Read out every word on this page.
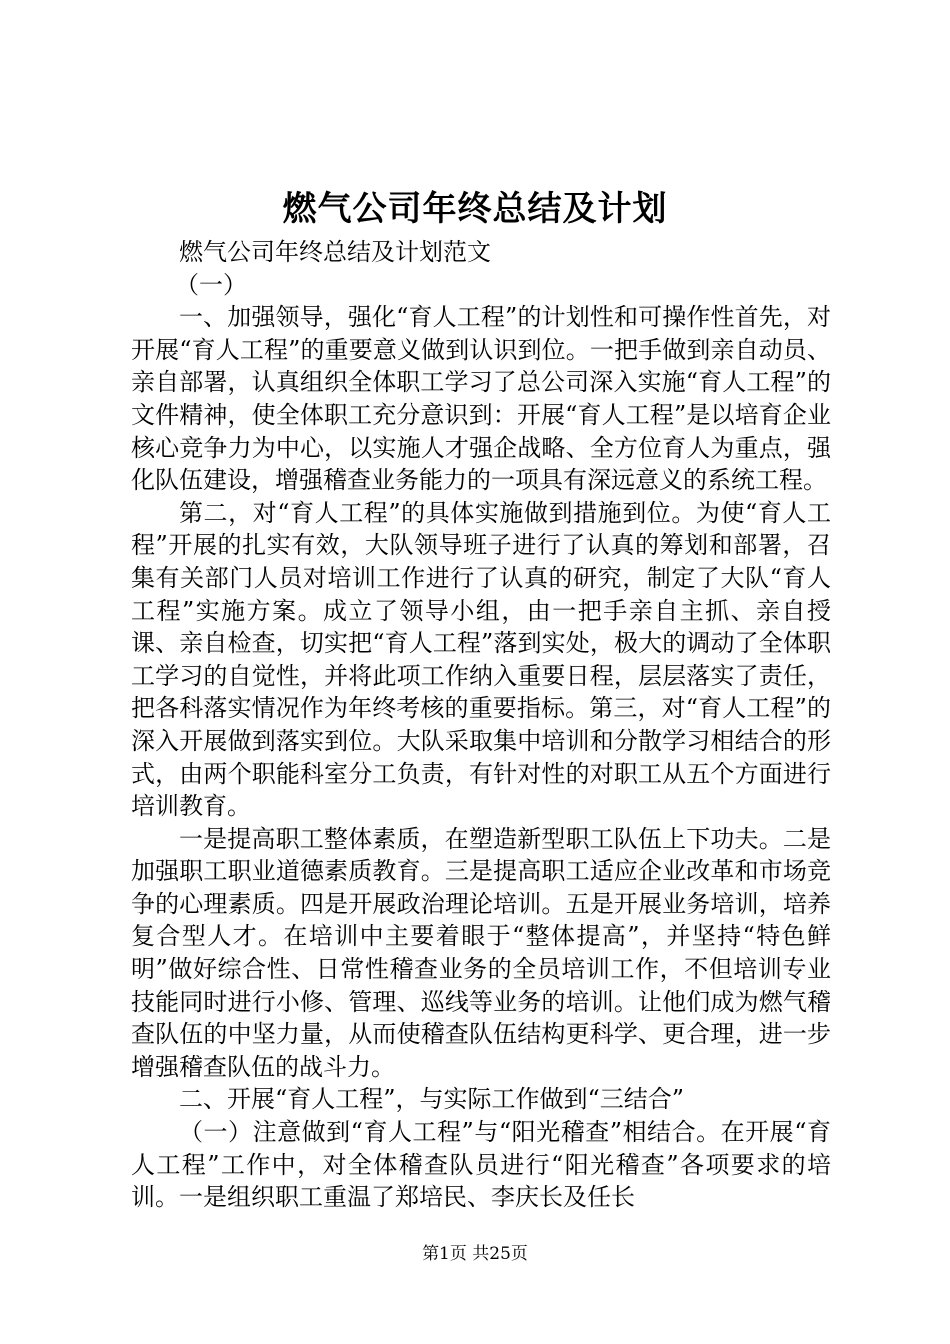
燃气公司年终总结及计划

燃气公司年终总结及计划范文

（一）

一、加强领导，强化“育人工程”的计划性和可操作性首先，对开展“育人工程”的重要意义做到认识到位。一把手做到亲自动员、亲自部署，认真组织全体职工学习了总公司深入实施“育人工程”的文件精神，使全体职工充分意识到：开展“育人工程”是以培育企业核心竞争力为中心，以实施人才强企战略、全方位育人为重点，强化队伍建设，增强稽查业务能力的一项具有深远意义的系统工程。

第二，对“育人工程”的具体实施做到措施到位。为使“育人工程”开展的扎实有效，大队领导班子进行了认真的筹划和部署，召集有关部门人员对培训工作进行了认真的研究，制定了大队“育人工程”实施方案。成立了领导小组，由一把手亲自主抓、亲自授课、亲自检查，切实把“育人工程”落到实处，极大的调动了全体职工学习的自觉性，并将此项工作纳入重要日程，层层落实了责任，把各科落实情况作为年终考核的重要指标。第三，对“育人工程”的深入开展做到落实到位。大队采取集中培训和分散学习相结合的形式，由两个职能科室分工负责，有针对性的对职工从五个方面进行培训教育。

一是提高职工整体素质，在塑造新型职工队伍上下功夫。二是加强职工职业道德素质教育。三是提高职工适应企业改革和市场竞争的心理素质。四是开展政治理论培训。五是开展业务培训，培养复合型人才。在培训中主要着眼于“整体提高”，并坚持“特色鲜明”做好综合性、日常性稽查业务的全员培训工作，不但培训专业技能同时进行小修、管理、巡线等业务的培训。让他们成为燃气稽查队伍的中坚力量，从而使稽查队伍结构更科学、更合理，进一步增强稽查队伍的战斗力。

二、开展“育人工程”，与实际工作做到“三结合”

（一）注意做到“育人工程”与“阳光稽查”相结合。在开展“育人工程”工作中，对全体稽查队员进行“阳光稽查”各项要求的培训。一是组织职工重温了郑培民、李庆长及任长

第1页 共25页
